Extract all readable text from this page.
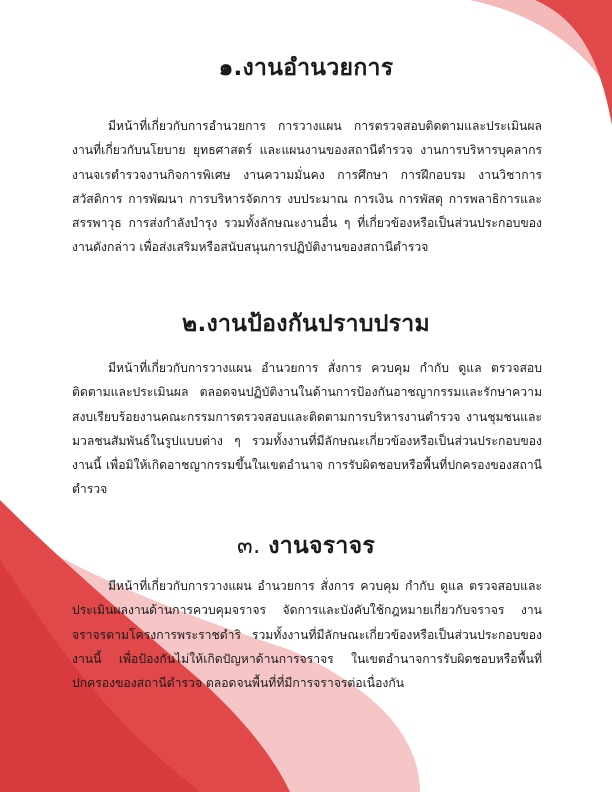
๑.งานอำนวยการ

มีหน้าที่เกี่ยวกับการอำนวยการ การวางแผน การตรวจสอบติดตามและประเมินผลงานที่เกี่ยวกับนโยบาย ยุทธศาสตร์ และแผนงานของสถานีตำรวจ งานการบริหารบุคลากร งานจเรตำรวจงานกิจการพิเศษ งานความมั่นคง การศึกษา การฝึกอบรม งานวิชาการ สวัสดิการ การพัฒนา การบริหารจัดการ งบประมาณ การเงิน การพัสดุ การพลาธิการและสรรพาวุธ การส่งกำลังบำรุง รวมทั้งลักษณะงานอื่น ๆ ที่เกี่ยวข้องหรือเป็นส่วนประกอบของงานดังกล่าว เพื่อส่งเสริมหรือสนับสนุนการปฏิบัติงานของสถานีตำรวจ

๒.งานป้องกันปราบปราม

มีหน้าที่เกี่ยวกับการวางแผน อำนวยการ สั่งการ ควบคุม กำกับ ดูแล ตรวจสอบติดตามและประเมินผล ตลอดจนปฏิบัติงานในด้านการป้องกันอาชญากรรมและรักษาความสงบเรียบร้อยงานคณะกรรมการตรวจสอบและติดตามการบริหารงานตำรวจ งานชุมชนและมวลชนสัมพันธ์ในรูปแบบต่าง ๆ รวมทั้งงานที่มีลักษณะเกี่ยวข้องหรือเป็นส่วนประกอบของงานนี้ เพื่อมิให้เกิดอาชญากรรมขึ้นในเขตอำนาจ การรับผิดชอบหรือพื้นที่ปกครองของสถานีตำรวจ

๓. งานจราจร

มีหน้าที่เกี่ยวกับการวางแผน อำนวยการ สั่งการ ควบคุม กำกับ ดูแล ตรวจสอบและประเมินผลงานด้านการควบคุมจราจร จัดการและบังคับใช้กฎหมายเกี่ยวกับจราจร งานจราจรตามโครงการพระราชดำริ รวมทั้งงานที่มีลักษณะเกี่ยวข้องหรือเป็นส่วนประกอบของงานนี้ เพื่อป้องกันไม่ให้เกิดปัญหาด้านการจราจร ในเขตอำนาจการรับผิดชอบหรือพื้นที่ปกครองของสถานีตำรวจ ตลอดจนพื้นที่ที่มีการจราจรต่อเนื่องกัน
